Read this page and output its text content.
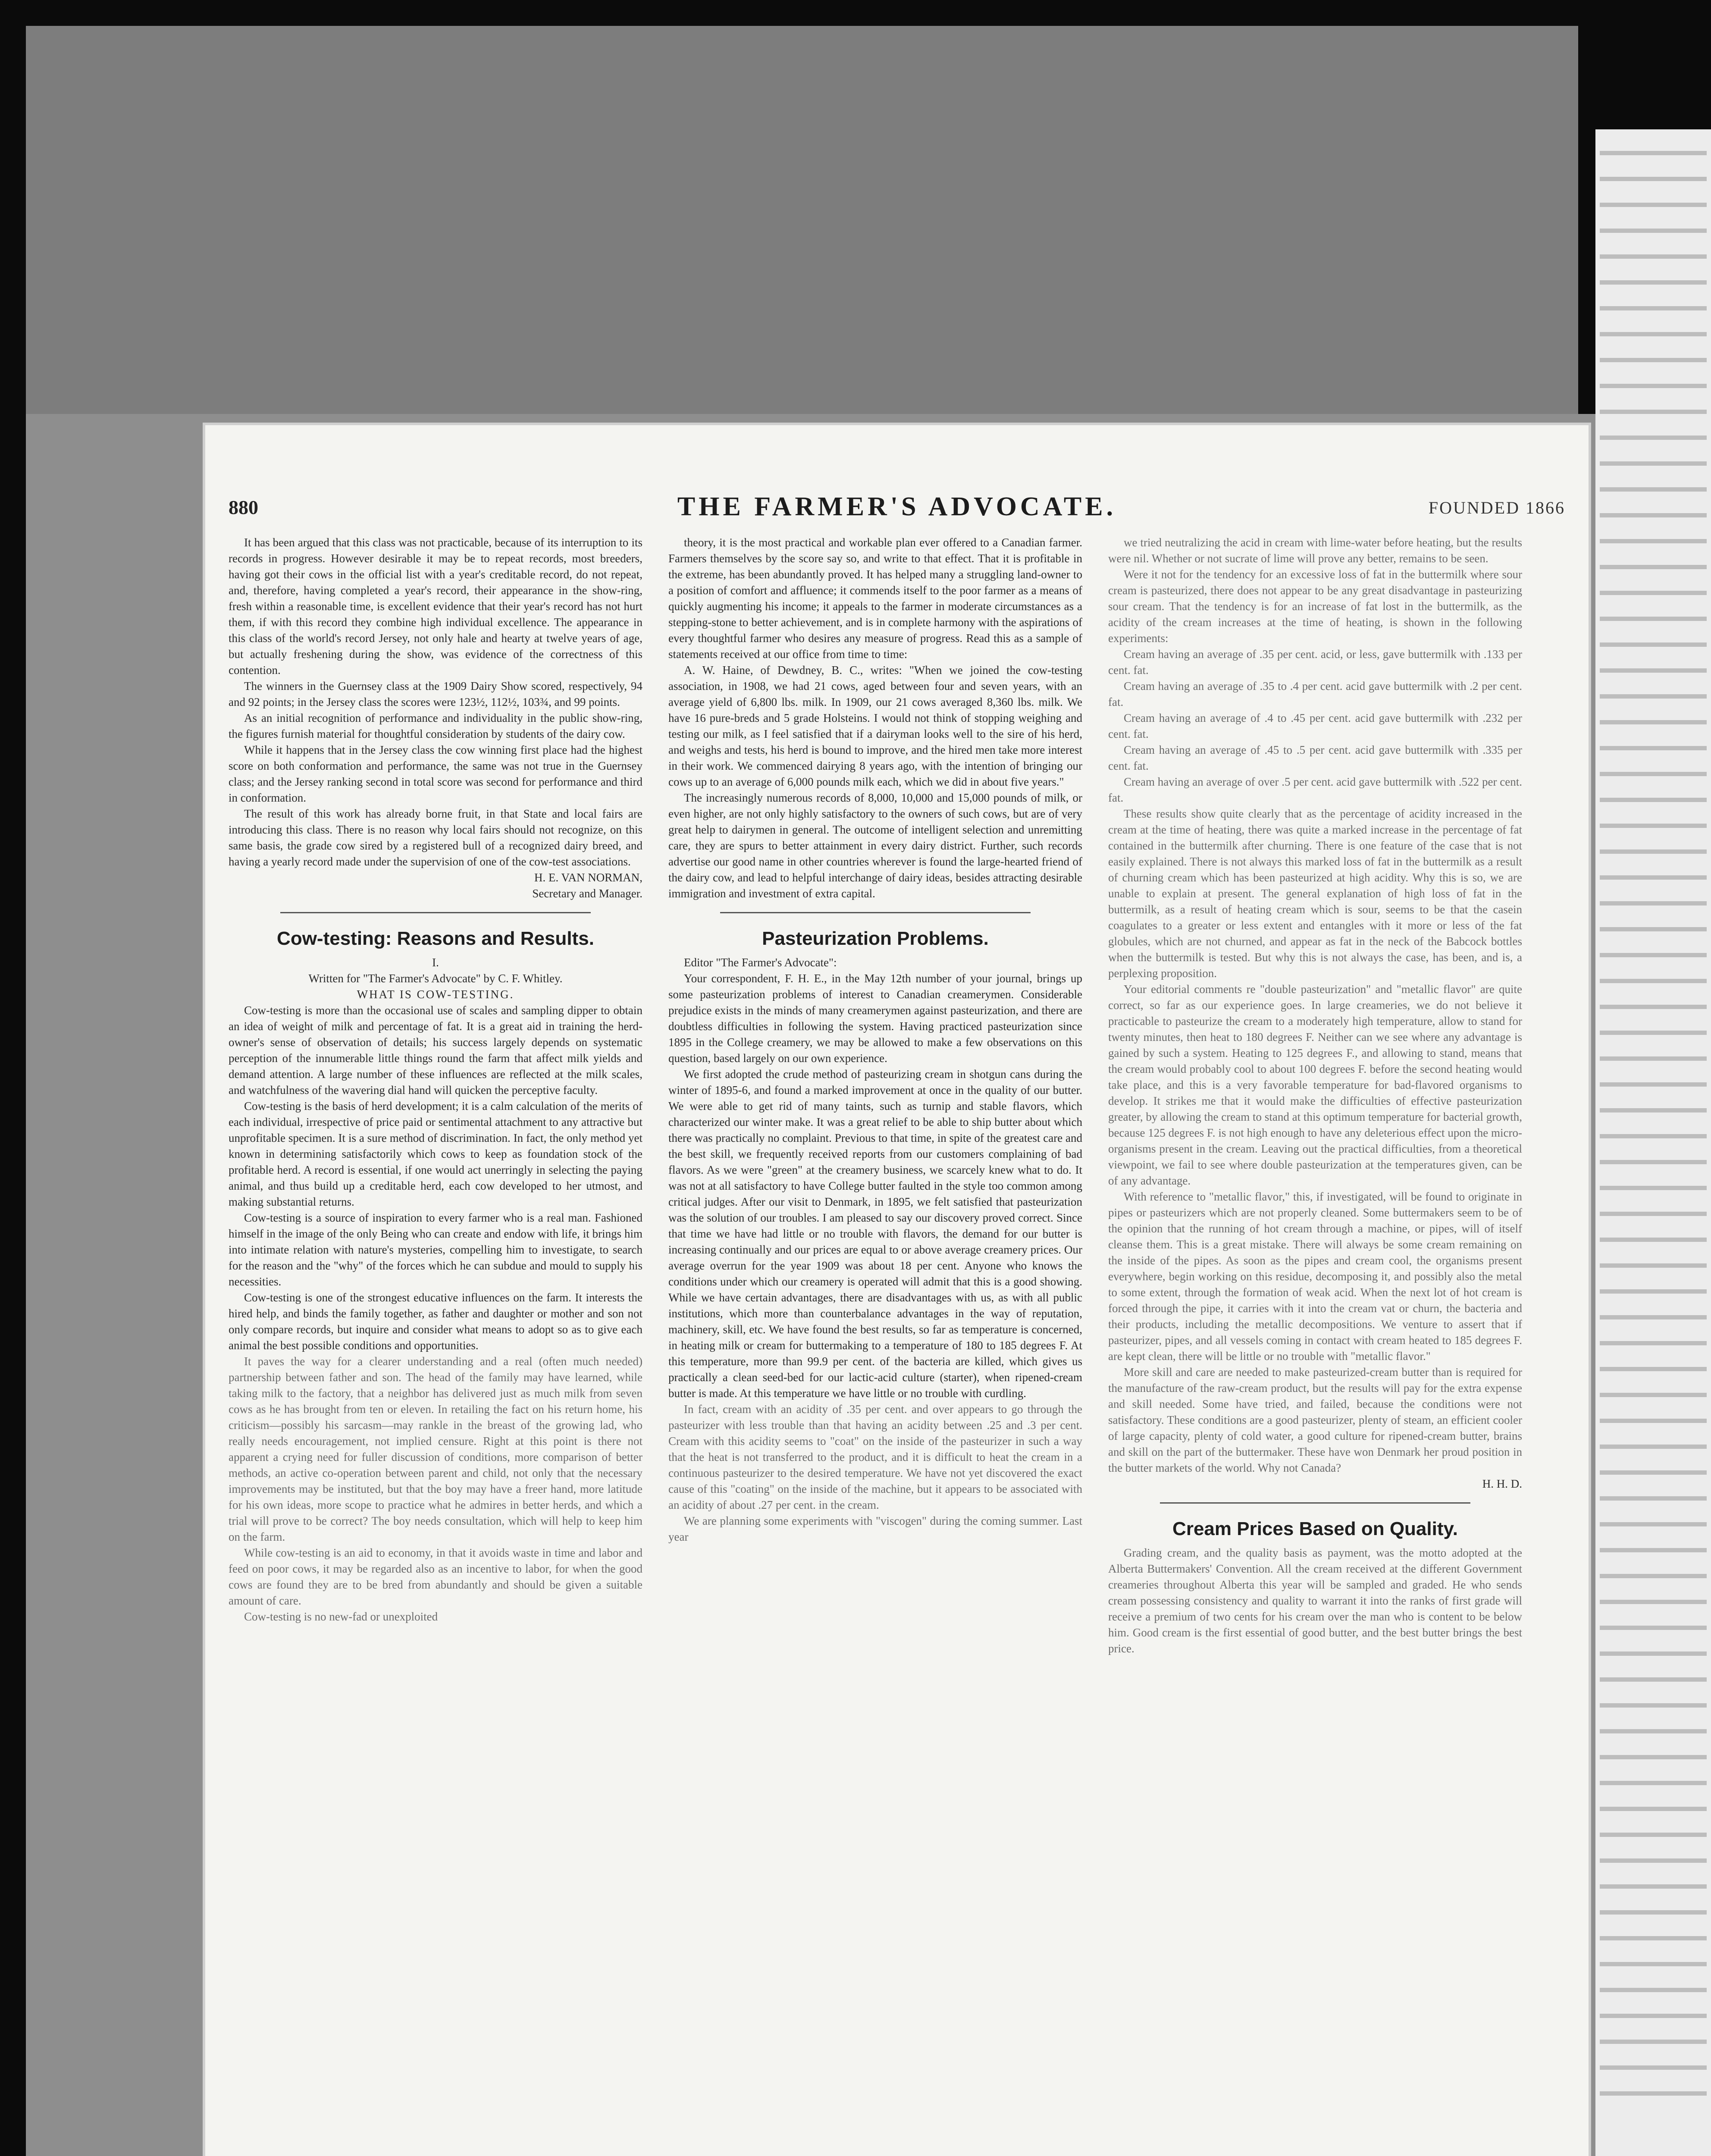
880	THE FARMER'S ADVOCATE.	FOUNDED 1866

It has been argued that this class was not practicable, because of its interruption to its records in progress. However desirable it may be to repeat records, most breeders, having got their cows in the official list with a year's creditable record, do not repeat, and, therefore, having completed a year's record, their appearance in the show-ring, fresh within a reasonable time, is excellent evidence that their year's record has not hurt them, if with this record they combine high individual excellence. The appearance in this class of the world's record Jersey, not only hale and hearty at twelve years of age, but actually freshening during the show, was evidence of the correctness of this contention.

The winners in the Guernsey class at the 1909 Dairy Show scored, respectively, 94 and 92 points; in the Jersey class the scores were 123½, 112½, 103¾, and 99 points.

As an initial recognition of performance and individuality in the public show-ring, the figures furnish material for thoughtful consideration by students of the dairy cow.

While it happens that in the Jersey class the cow winning first place had the highest score on both conformation and performance, the same was not true in the Guernsey class; and the Jersey ranking second in total score was second for performance and third in conformation.

The result of this work has already borne fruit, in that State and local fairs are introducing this class. There is no reason why local fairs should not recognize, on this same basis, the grade cow sired by a registered bull of a recognized dairy breed, and having a yearly record made under the supervision of one of the cow-test associations.

H. E. VAN NORMAN,

Secretary and Manager.

Cow-testing: Reasons and Results.

I.

Written for "The Farmer's Advocate" by C. F. Whitley.

WHAT IS COW-TESTING.

Cow-testing is more than the occasional use of scales and sampling dipper to obtain an idea of weight of milk and percentage of fat. It is a great aid in training the herd-owner's sense of observation of details; his success largely depends on systematic perception of the innumerable little things round the farm that affect milk yields and demand attention. A large number of these influences are reflected at the milk scales, and watchfulness of the wavering dial hand will quicken the perceptive faculty.

Cow-testing is the basis of herd development; it is a calm calculation of the merits of each individual, irrespective of price paid or sentimental attachment to any attractive but unprofitable specimen. It is a sure method of discrimination. In fact, the only method yet known in determining satisfactorily which cows to keep as foundation stock of the profitable herd. A record is essential, if one would act unerringly in selecting the paying animal, and thus build up a creditable herd, each cow developed to her utmost, and making substantial returns.

Cow-testing is a source of inspiration to every farmer who is a real man. Fashioned himself in the image of the only Being who can create and endow with life, it brings him into intimate relation with nature's mysteries, compelling him to investigate, to search for the reason and the "why" of the forces which he can subdue and mould to supply his necessities.

Cow-testing is one of the strongest educative influences on the farm. It interests the hired help, and binds the family together, as father and daughter or mother and son not only compare records, but inquire and consider what means to adopt so as to give each animal the best possible conditions and opportunities.

It paves the way for a clearer understanding and a real (often much needed) partnership between father and son. The head of the family may have learned, while taking milk to the factory, that a neighbor has delivered just as much milk from seven cows as he has brought from ten or eleven. In retailing the fact on his return home, his criticism—possibly his sarcasm—may rankle in the breast of the growing lad, who really needs encouragement, not implied censure. Right at this point is there not apparent a crying need for fuller discussion of conditions, more comparison of better methods, an active co-operation between parent and child, not only that the necessary improvements may be instituted, but that the boy may have a freer hand, more latitude for his own ideas, more scope to practice what he admires in better herds, and which a trial will prove to be correct? The boy needs consultation, which will help to keep him on the farm.

While cow-testing is an aid to economy, in that it avoids waste in time and labor and feed on poor cows, it may be regarded also as an incentive to labor, for when the good cows are found they are to be bred from abundantly and should be given a suitable amount of care.

Cow-testing is no new-fad or unexploited

theory, it is the most practical and workable plan ever offered to a Canadian farmer. Farmers themselves by the score say so, and write to that effect. That it is profitable in the extreme, has been abundantly proved. It has helped many a struggling land-owner to a position of comfort and affluence; it commends itself to the poor farmer as a means of quickly augmenting his income; it appeals to the farmer in moderate circumstances as a stepping-stone to better achievement, and is in complete harmony with the aspirations of every thoughtful farmer who desires any measure of progress. Read this as a sample of statements received at our office from time to time:

A. W. Haine, of Dewdney, B. C., writes: "When we joined the cow-testing association, in 1908, we had 21 cows, aged between four and seven years, with an average yield of 6,800 lbs. milk. In 1909, our 21 cows averaged 8,360 lbs. milk. We have 16 pure-breds and 5 grade Holsteins. I would not think of stopping weighing and testing our milk, as I feel satisfied that if a dairyman looks well to the sire of his herd, and weighs and tests, his herd is bound to improve, and the hired men take more interest in their work. We commenced dairying 8 years ago, with the intention of bringing our cows up to an average of 6,000 pounds milk each, which we did in about five years."

The increasingly numerous records of 8,000, 10,000 and 15,000 pounds of milk, or even higher, are not only highly satisfactory to the owners of such cows, but are of very great help to dairymen in general. The outcome of intelligent selection and unremitting care, they are spurs to better attainment in every dairy district. Further, such records advertise our good name in other countries wherever is found the large-hearted friend of the dairy cow, and lead to helpful interchange of dairy ideas, besides attracting desirable immigration and investment of extra capital.

Pasteurization Problems.

Editor "The Farmer's Advocate":

Your correspondent, F. H. E., in the May 12th number of your journal, brings up some pasteurization problems of interest to Canadian creamerymen. Considerable prejudice exists in the minds of many creamerymen against pasteurization, and there are doubtless difficulties in following the system. Having practiced pasteurization since 1895 in the College creamery, we may be allowed to make a few observations on this question, based largely on our own experience.

We first adopted the crude method of pasteurizing cream in shotgun cans during the winter of 1895-6, and found a marked improvement at once in the quality of our butter. We were able to get rid of many taints, such as turnip and stable flavors, which characterized our winter make. It was a great relief to be able to ship butter about which there was practically no complaint. Previous to that time, in spite of the greatest care and the best skill, we frequently received reports from our customers complaining of bad flavors. As we were "green" at the creamery business, we scarcely knew what to do. It was not at all satisfactory to have College butter faulted in the style too common among critical judges. After our visit to Denmark, in 1895, we felt satisfied that pasteurization was the solution of our troubles. I am pleased to say our discovery proved correct. Since that time we have had little or no trouble with flavors, the demand for our butter is increasing continually and our prices are equal to or above average creamery prices. Our average overrun for the year 1909 was about 18 per cent. Anyone who knows the conditions under which our creamery is operated will admit that this is a good showing. While we have certain advantages, there are disadvantages with us, as with all public institutions, which more than counterbalance advantages in the way of reputation, machinery, skill, etc. We have found the best results, so far as temperature is concerned, in heating milk or cream for buttermaking to a temperature of 180 to 185 degrees F. At this temperature, more than 99.9 per cent. of the bacteria are killed, which gives us practically a clean seed-bed for our lactic-acid culture (starter), when ripened-cream butter is made. At this temperature we have little or no trouble with curdling.

In fact, cream with an acidity of .35 per cent. and over appears to go through the pasteurizer with less trouble than that having an acidity between .25 and .3 per cent. Cream with this acidity seems to "coat" on the inside of the pasteurizer in such a way that the heat is not transferred to the product, and it is difficult to heat the cream in a continuous pasteurizer to the desired temperature. We have not yet discovered the exact cause of this "coating" on the inside of the machine, but it appears to be associated with an acidity of about .27 per cent. in the cream.

We are planning some experiments with "viscogen" during the coming summer. Last year

we tried neutralizing the acid in cream with lime-water before heating, but the results were nil. Whether or not sucrate of lime will prove any better, remains to be seen.

Were it not for the tendency for an excessive loss of fat in the buttermilk where sour cream is pasteurized, there does not appear to be any great disadvantage in pasteurizing sour cream. That the tendency is for an increase of fat lost in the buttermilk, as the acidity of the cream increases at the time of heating, is shown in the following experiments:

Cream having an average of .35 per cent. acid, or less, gave buttermilk with .133 per cent. fat.

Cream having an average of .35 to .4 per cent. acid gave buttermilk with .2 per cent. fat.

Cream having an average of .4 to .45 per cent. acid gave buttermilk with .232 per cent. fat.

Cream having an average of .45 to .5 per cent. acid gave buttermilk with .335 per cent. fat.

Cream having an average of over .5 per cent. acid gave buttermilk with .522 per cent. fat.

These results show quite clearly that as the percentage of acidity increased in the cream at the time of heating, there was quite a marked increase in the percentage of fat contained in the buttermilk after churning. There is one feature of the case that is not easily explained. There is not always this marked loss of fat in the buttermilk as a result of churning cream which has been pasteurized at high acidity. Why this is so, we are unable to explain at present. The general explanation of high loss of fat in the buttermilk, as a result of heating cream which is sour, seems to be that the casein coagulates to a greater or less extent and entangles with it more or less of the fat globules, which are not churned, and appear as fat in the neck of the Babcock bottles when the buttermilk is tested. But why this is not always the case, has been, and is, a perplexing proposition.

Your editorial comments re "double pasteurization" and "metallic flavor" are quite correct, so far as our experience goes. In large creameries, we do not believe it practicable to pasteurize the cream to a moderately high temperature, allow to stand for twenty minutes, then heat to 180 degrees F. Neither can we see where any advantage is gained by such a system. Heating to 125 degrees F., and allowing to stand, means that the cream would probably cool to about 100 degrees F. before the second heating would take place, and this is a very favorable temperature for bad-flavored organisms to develop. It strikes me that it would make the difficulties of effective pasteurization greater, by allowing the cream to stand at this optimum temperature for bacterial growth, because 125 degrees F. is not high enough to have any deleterious effect upon the micro-organisms present in the cream. Leaving out the practical difficulties, from a theoretical viewpoint, we fail to see where double pasteurization at the temperatures given, can be of any advantage.

With reference to "metallic flavor," this, if investigated, will be found to originate in pipes or pasteurizers which are not properly cleaned. Some buttermakers seem to be of the opinion that the running of hot cream through a machine, or pipes, will of itself cleanse them. This is a great mistake. There will always be some cream remaining on the inside of the pipes. As soon as the pipes and cream cool, the organisms present everywhere, begin working on this residue, decomposing it, and possibly also the metal to some extent, through the formation of weak acid. When the next lot of hot cream is forced through the pipe, it carries with it into the cream vat or churn, the bacteria and their products, including the metallic decompositions. We venture to assert that if pasteurizer, pipes, and all vessels coming in contact with cream heated to 185 degrees F. are kept clean, there will be little or no trouble with "metallic flavor."

More skill and care are needed to make pasteurized-cream butter than is required for the manufacture of the raw-cream product, but the results will pay for the extra expense and skill needed. Some have tried, and failed, because the conditions were not satisfactory. These conditions are a good pasteurizer, plenty of steam, an efficient cooler of large capacity, plenty of cold water, a good culture for ripened-cream butter, brains and skill on the part of the buttermaker. These have won Denmark her proud position in the butter markets of the world. Why not Canada?

H. H. D.

Cream Prices Based on Quality.

Grading cream, and the quality basis as payment, was the motto adopted at the Alberta Buttermakers' Convention. All the cream received at the different Government creameries throughout Alberta this year will be sampled and graded. He who sends cream possessing consistency and quality to warrant it into the ranks of first grade will receive a premium of two cents for his cream over the man who is content to be below him. Good cream is the first essential of good butter, and the best butter brings the best price.
